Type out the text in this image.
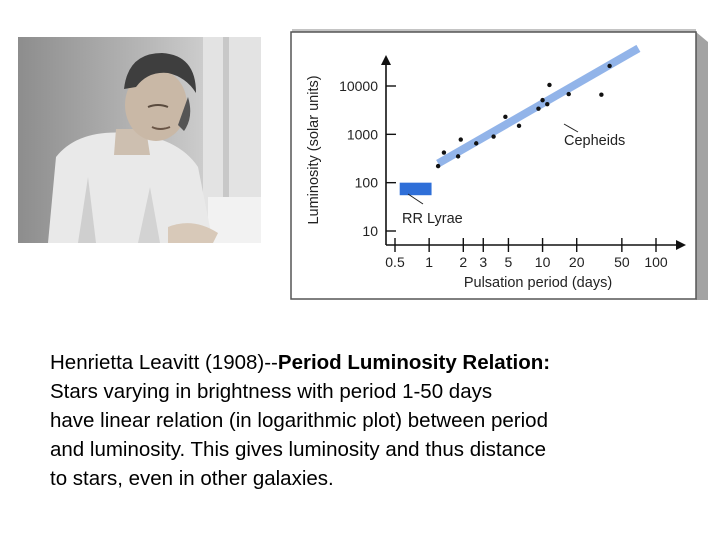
0.5 1 2 3 5 10 20 50 100
10
100
1000
10000
Pulsation period (days)
Luminosity (solar units)	Cepheids
RR Lyrae
Henrietta Leavitt (1908)--Period Luminosity Relation:
Stars varying in brightness with period 1-50 days
have linear relation (in logarithmic plot) between period
and luminosity. This gives luminosity and thus distance
to stars, even in other galaxies.
